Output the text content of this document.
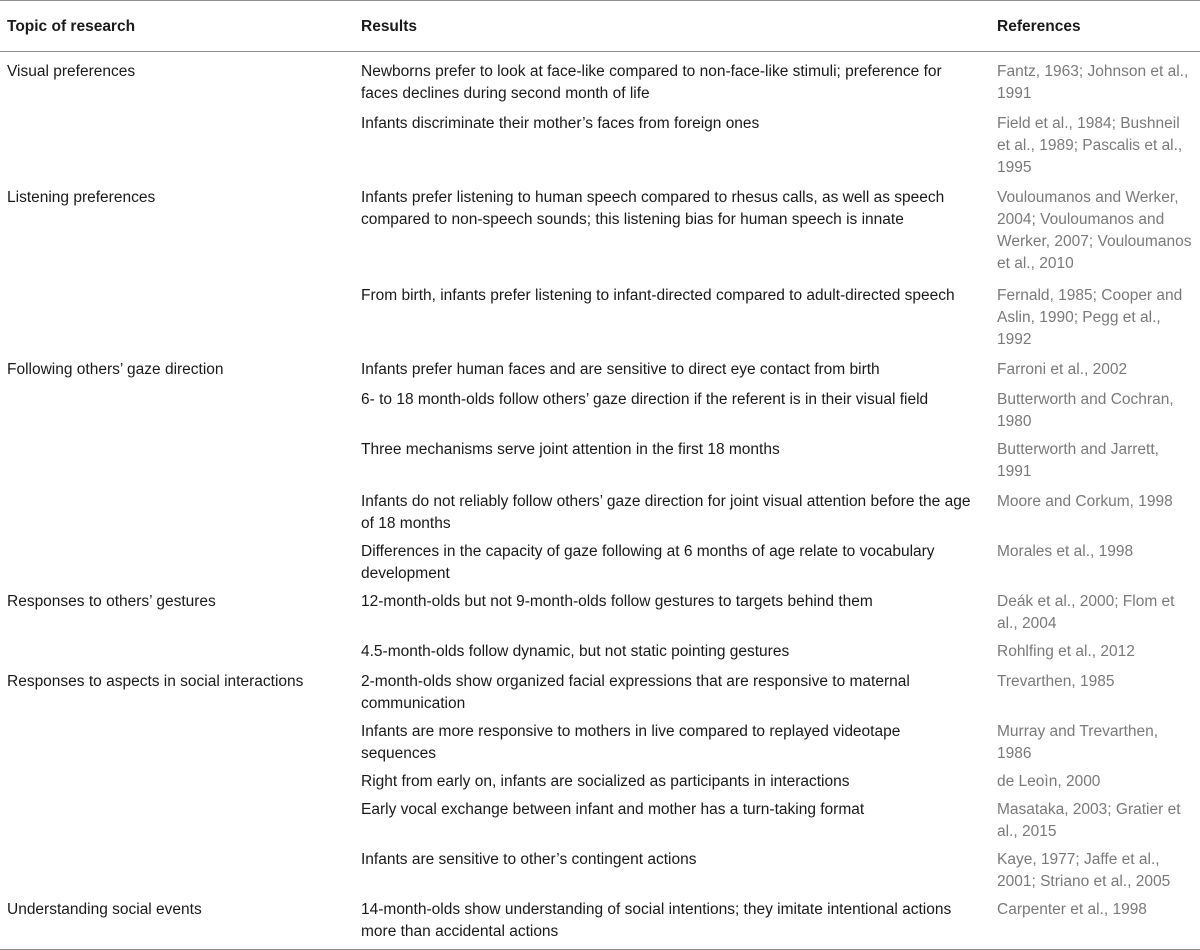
Topic of research	Results	References
Visual preferences	Newborns prefer to look at face-like compared to non-face-like stimuli; preference for faces declines during second month of life	Fantz, 1963; Johnson et al., 1991
	Infants discriminate their mother’s faces from foreign ones	Field et al., 1984; Bushneil et al., 1989; Pascalis et al., 1995
Listening preferences	Infants prefer listening to human speech compared to rhesus calls, as well as speech compared to non-speech sounds; this listening bias for human speech is innate	Vouloumanos and Werker, 2004; Vouloumanos and Werker, 2007; Vouloumanos et al., 2010
	From birth, infants prefer listening to infant-directed compared to adult-directed speech	Fernald, 1985; Cooper and Aslin, 1990; Pegg et al., 1992
Following others’ gaze direction	Infants prefer human faces and are sensitive to direct eye contact from birth	Farroni et al., 2002
	6- to 18 month-olds follow others’ gaze direction if the referent is in their visual field	Butterworth and Cochran, 1980
	Three mechanisms serve joint attention in the first 18 months	Butterworth and Jarrett, 1991
	Infants do not reliably follow others’ gaze direction for joint visual attention before the age of 18 months	Moore and Corkum, 1998
	Differences in the capacity of gaze following at 6 months of age relate to vocabulary development	Morales et al., 1998
Responses to others’ gestures	12-month-olds but not 9-month-olds follow gestures to targets behind them	Deák et al., 2000; Flom et al., 2004
	4.5-month-olds follow dynamic, but not static pointing gestures	Rohlfing et al., 2012
Responses to aspects in social interactions	2-month-olds show organized facial expressions that are responsive to maternal communication	Trevarthen, 1985
	Infants are more responsive to mothers in live compared to replayed videotape sequences	Murray and Trevarthen, 1986
	Right from early on, infants are socialized as participants in interactions	de Leoìn, 2000
	Early vocal exchange between infant and mother has a turn-taking format	Masataka, 2003; Gratier et al., 2015
	Infants are sensitive to other’s contingent actions	Kaye, 1977; Jaffe et al., 2001; Striano et al., 2005
Understanding social events	14-month-olds show understanding of social intentions; they imitate intentional actions more than accidental actions	Carpenter et al., 1998
